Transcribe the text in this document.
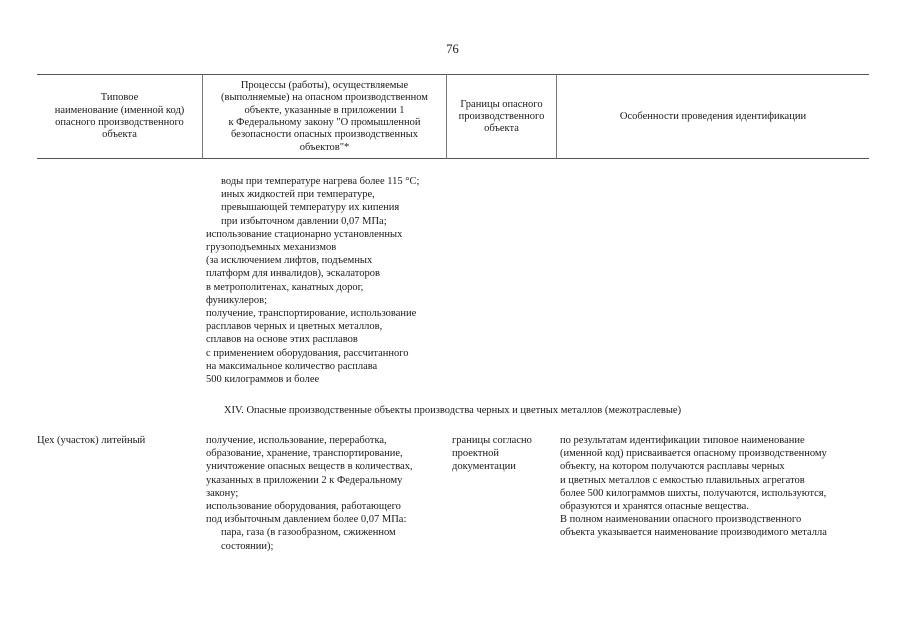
76
Типовое
наименование (именной код)
опасного производственного
объекта
Процессы (работы), осуществляемые
(выполняемые) на опасном производственном
объекте, указанные в приложении 1
к Федеральному закону "О промышленной
безопасности опасных производственных
объектов"*
Границы опасного
производственного
объекта
Особенности проведения идентификации
воды при температуре нагрева более 115 °C;
иных жидкостей при температуре,
превышающей температуру их кипения
при избыточном давлении 0,07 МПа;
использование стационарно установленных
грузоподъемных механизмов
(за исключением лифтов, подъемных
платформ для инвалидов), эскалаторов
в метрополитенах, канатных дорог,
фуникулеров;
получение, транспортирование, использование
расплавов черных и цветных металлов,
сплавов на основе этих расплавов
с применением оборудования, рассчитанного
на максимальное количество расплава
500 килограммов и более
XIV. Опасные производственные объекты производства черных и цветных металлов (межотраслевые)
Цех (участок) литейный	получение, использование, переработка,
образование, хранение, транспортирование,
уничтожение опасных веществ в количествах,
указанных в приложении 2 к Федеральному
закону;
использование оборудования, работающего
под избыточным давлением более 0,07 МПа:
пара, газа (в газообразном, сжиженном
состоянии);
границы согласно
проектной
документации
по результатам идентификации типовое наименование
(именной код) присваивается опасному производственному
объекту, на котором получаются расплавы черных
и цветных металлов с емкостью плавильных агрегатов
более 500 килограммов шихты, получаются, используются,
образуются и хранятся опасные вещества.
В полном наименовании опасного производственного
объекта указывается наименование производимого металла
